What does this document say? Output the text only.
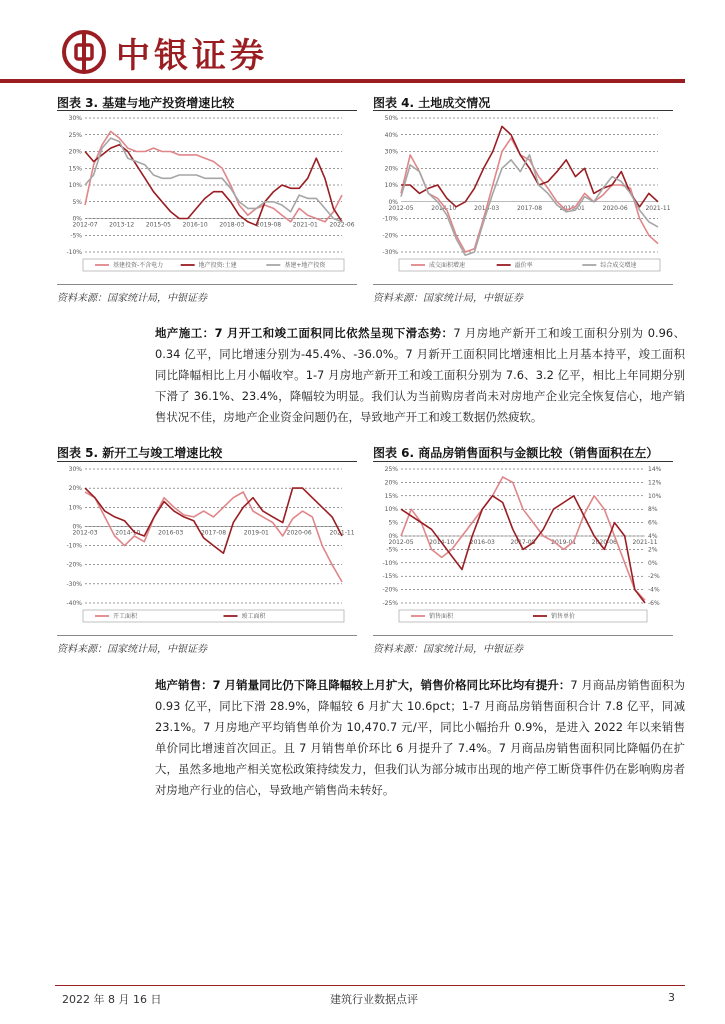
中银证券
图表 3. 基建与地产投资增速比较
30%
25%
20%
15%
10%
5%
0%
-5%
-10%
2012-07 2013-12 2015-05 2016-10 2018-03 2019-08 2021-01 2022-06
基建投资-不含电力	地产投资:土建	基建+地产投资
资料来源：国家统计局，中银证券
图表 4. 土地成交情况
50%
40%
30%
20%
10%
0%
-10%
-20%
-30%
2012-05	2014-10	2016-03	2017-08	2019-01	2020-06	2021-11
成交面积增速	溢价率	综合成交增速
资料来源：国家统计局，中银证券
地产施工：7 月开工和竣工面积同比依然呈现下滑态势：7 月房地产新开工和竣工面积分别为 0.96、0.34 亿平，同比增速分别为-45.4%、-36.0%。7 月新开工面积同比增速相比上月基本持平，竣工面积同比降幅相比上月小幅收窄。1-7 月房地产新开工和竣工面积分别为 7.6、3.2 亿平，相比上年同期分别下滑了 36.1%、23.4%，降幅较为明显。我们认为当前购房者尚未对房地产企业完全恢复信心，地产销售状况不佳，房地产企业资金问题仍在，导致地产开工和竣工数据仍然疲软。
图表 5. 新开工与竣工增速比较
30%
20%
10%
0%
-10%
-20%
-30%
-40%
2012-03	2014-10	2016-03	2017-08	2019-01	2020-06	2021-11
开工面积	竣工面积
资料来源：国家统计局，中银证券
图表 6. 商品房销售面积与金额比较（销售面积在左）
25%
20%
15%
10%
5%
0%
-5%
-10%
-15%
-20%
-25%
14%
12%
10%
8%
6%
4%
2%
0%
-2%
-4%
-6%
2012-05	2014-10	2016-03	2017-08	2019-01	2020-06	2021-11
销售面积	销售单价
资料来源：国家统计局，中银证券
地产销售：7 月销量同比仍下降且降幅较上月扩大，销售价格同比环比均有提升：7 月商品房销售面积为 0.93 亿平，同比下滑 28.9%，降幅较 6 月扩大 10.6pct；1-7 月商品房销售面积合计 7.8 亿平，同减 23.1%。7 月房地产平均销售单价为 10,470.7 元/平，同比小幅抬升 0.9%，是进入 2022 年以来销售单价同比增速首次回正。且 7 月销售单价环比 6 月提升了 7.4%。7 月商品房销售面积同比降幅仍在扩大，虽然多地地产相关宽松政策持续发力，但我们认为部分城市出现的地产停工断贷事件仍在影响购房者对房地产行业的信心，导致地产销售尚未转好。
2022 年 8 月 16 日	建筑行业数据点评	3
